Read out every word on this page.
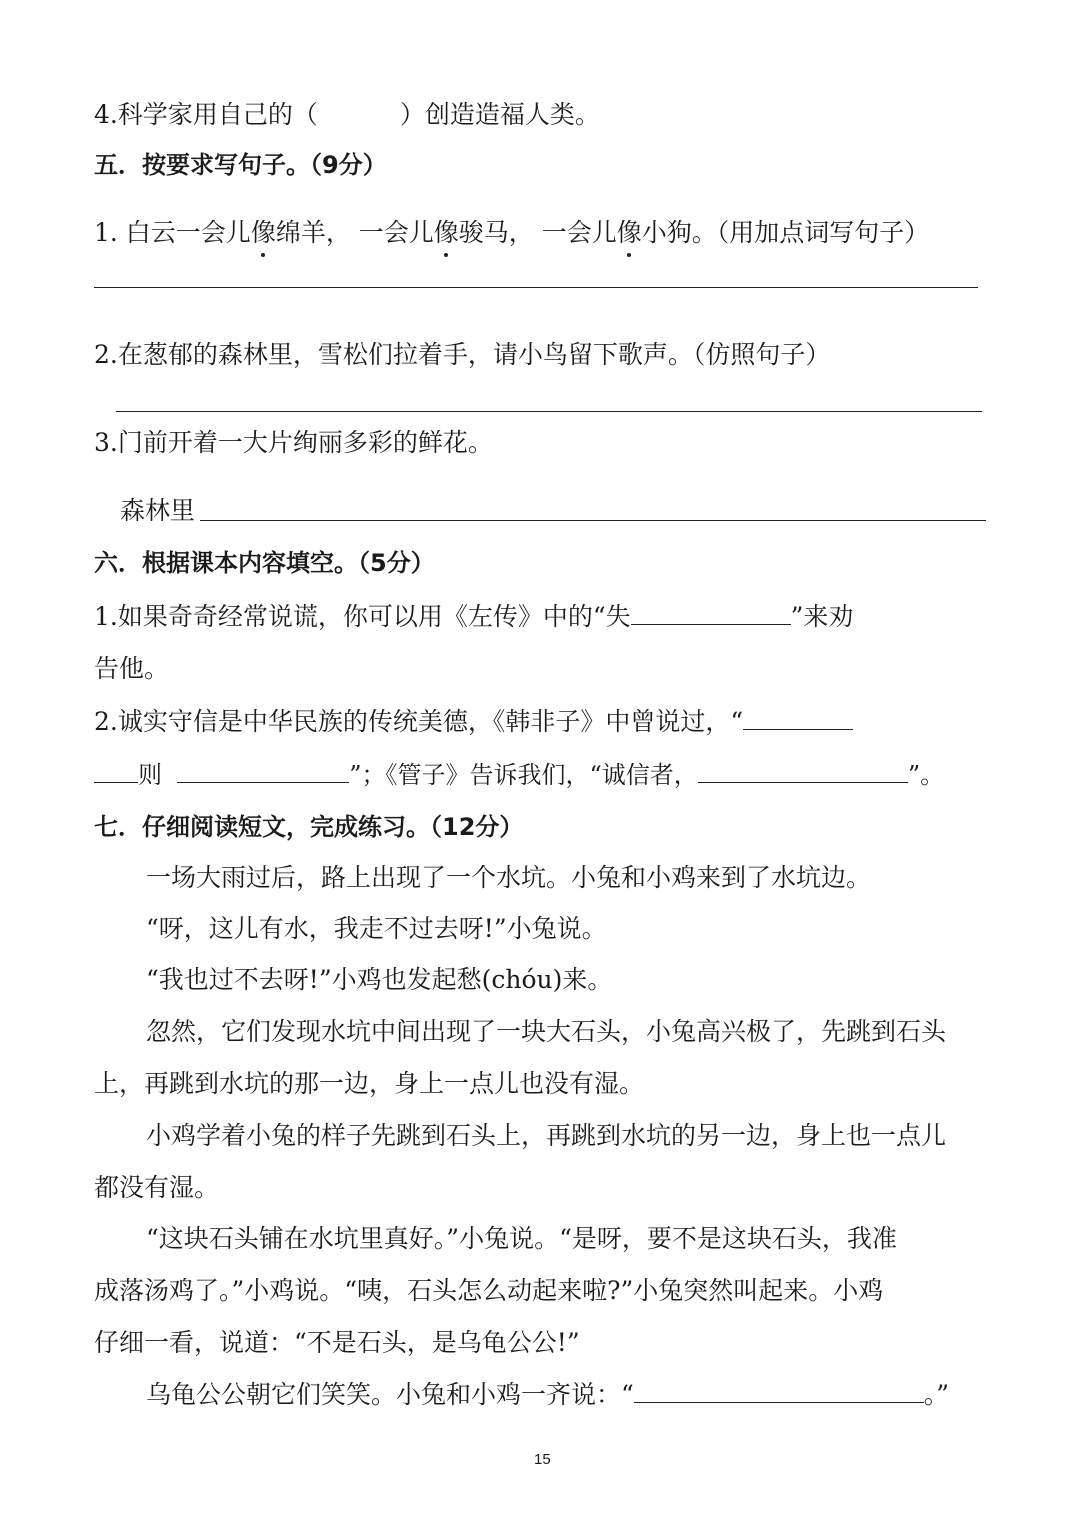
4.科学家用自己的（	）创造造福人类。
五．按要求写句子。（9分）
1. 白云一会儿像绵羊， 一会儿像骏马， 一会儿像小狗。（用加点词写句子）
2.在葱郁的森林里，雪松们拉着手，请小鸟留下歌声。（仿照句子）
3.门前开着一大片绚丽多彩的鲜花。
森林里
六．根据课本内容填空。（5分）
1.如果奇奇经常说谎，你可以用《左传》中的“失	”来劝
告他。
2.诚实守信是中华民族的传统美德，《韩非子》中曾说过，“
则	”；《管子》告诉我们，“诚信者，	”。
七．仔细阅读短文，完成练习。（12分）
一场大雨过后，路上出现了一个水坑。小兔和小鸡来到了水坑边。
“呀，这儿有水，我走不过去呀!”小兔说。
“我也过不去呀!”小鸡也发起愁(chóu)来。
忽然，它们发现水坑中间出现了一块大石头，小兔高兴极了，先跳到石头
上，再跳到水坑的那一边，身上一点儿也没有湿。
小鸡学着小兔的样子先跳到石头上，再跳到水坑的另一边，身上也一点儿
都没有湿。
“这块石头铺在水坑里真好。”小兔说。“是呀，要不是这块石头，我准
成落汤鸡了。”小鸡说。“咦，石头怎么动起来啦?”小兔突然叫起来。小鸡
仔细一看，说道：“不是石头，是乌龟公公!”
乌龟公公朝它们笑笑。小兔和小鸡一齐说：“	。”
15
